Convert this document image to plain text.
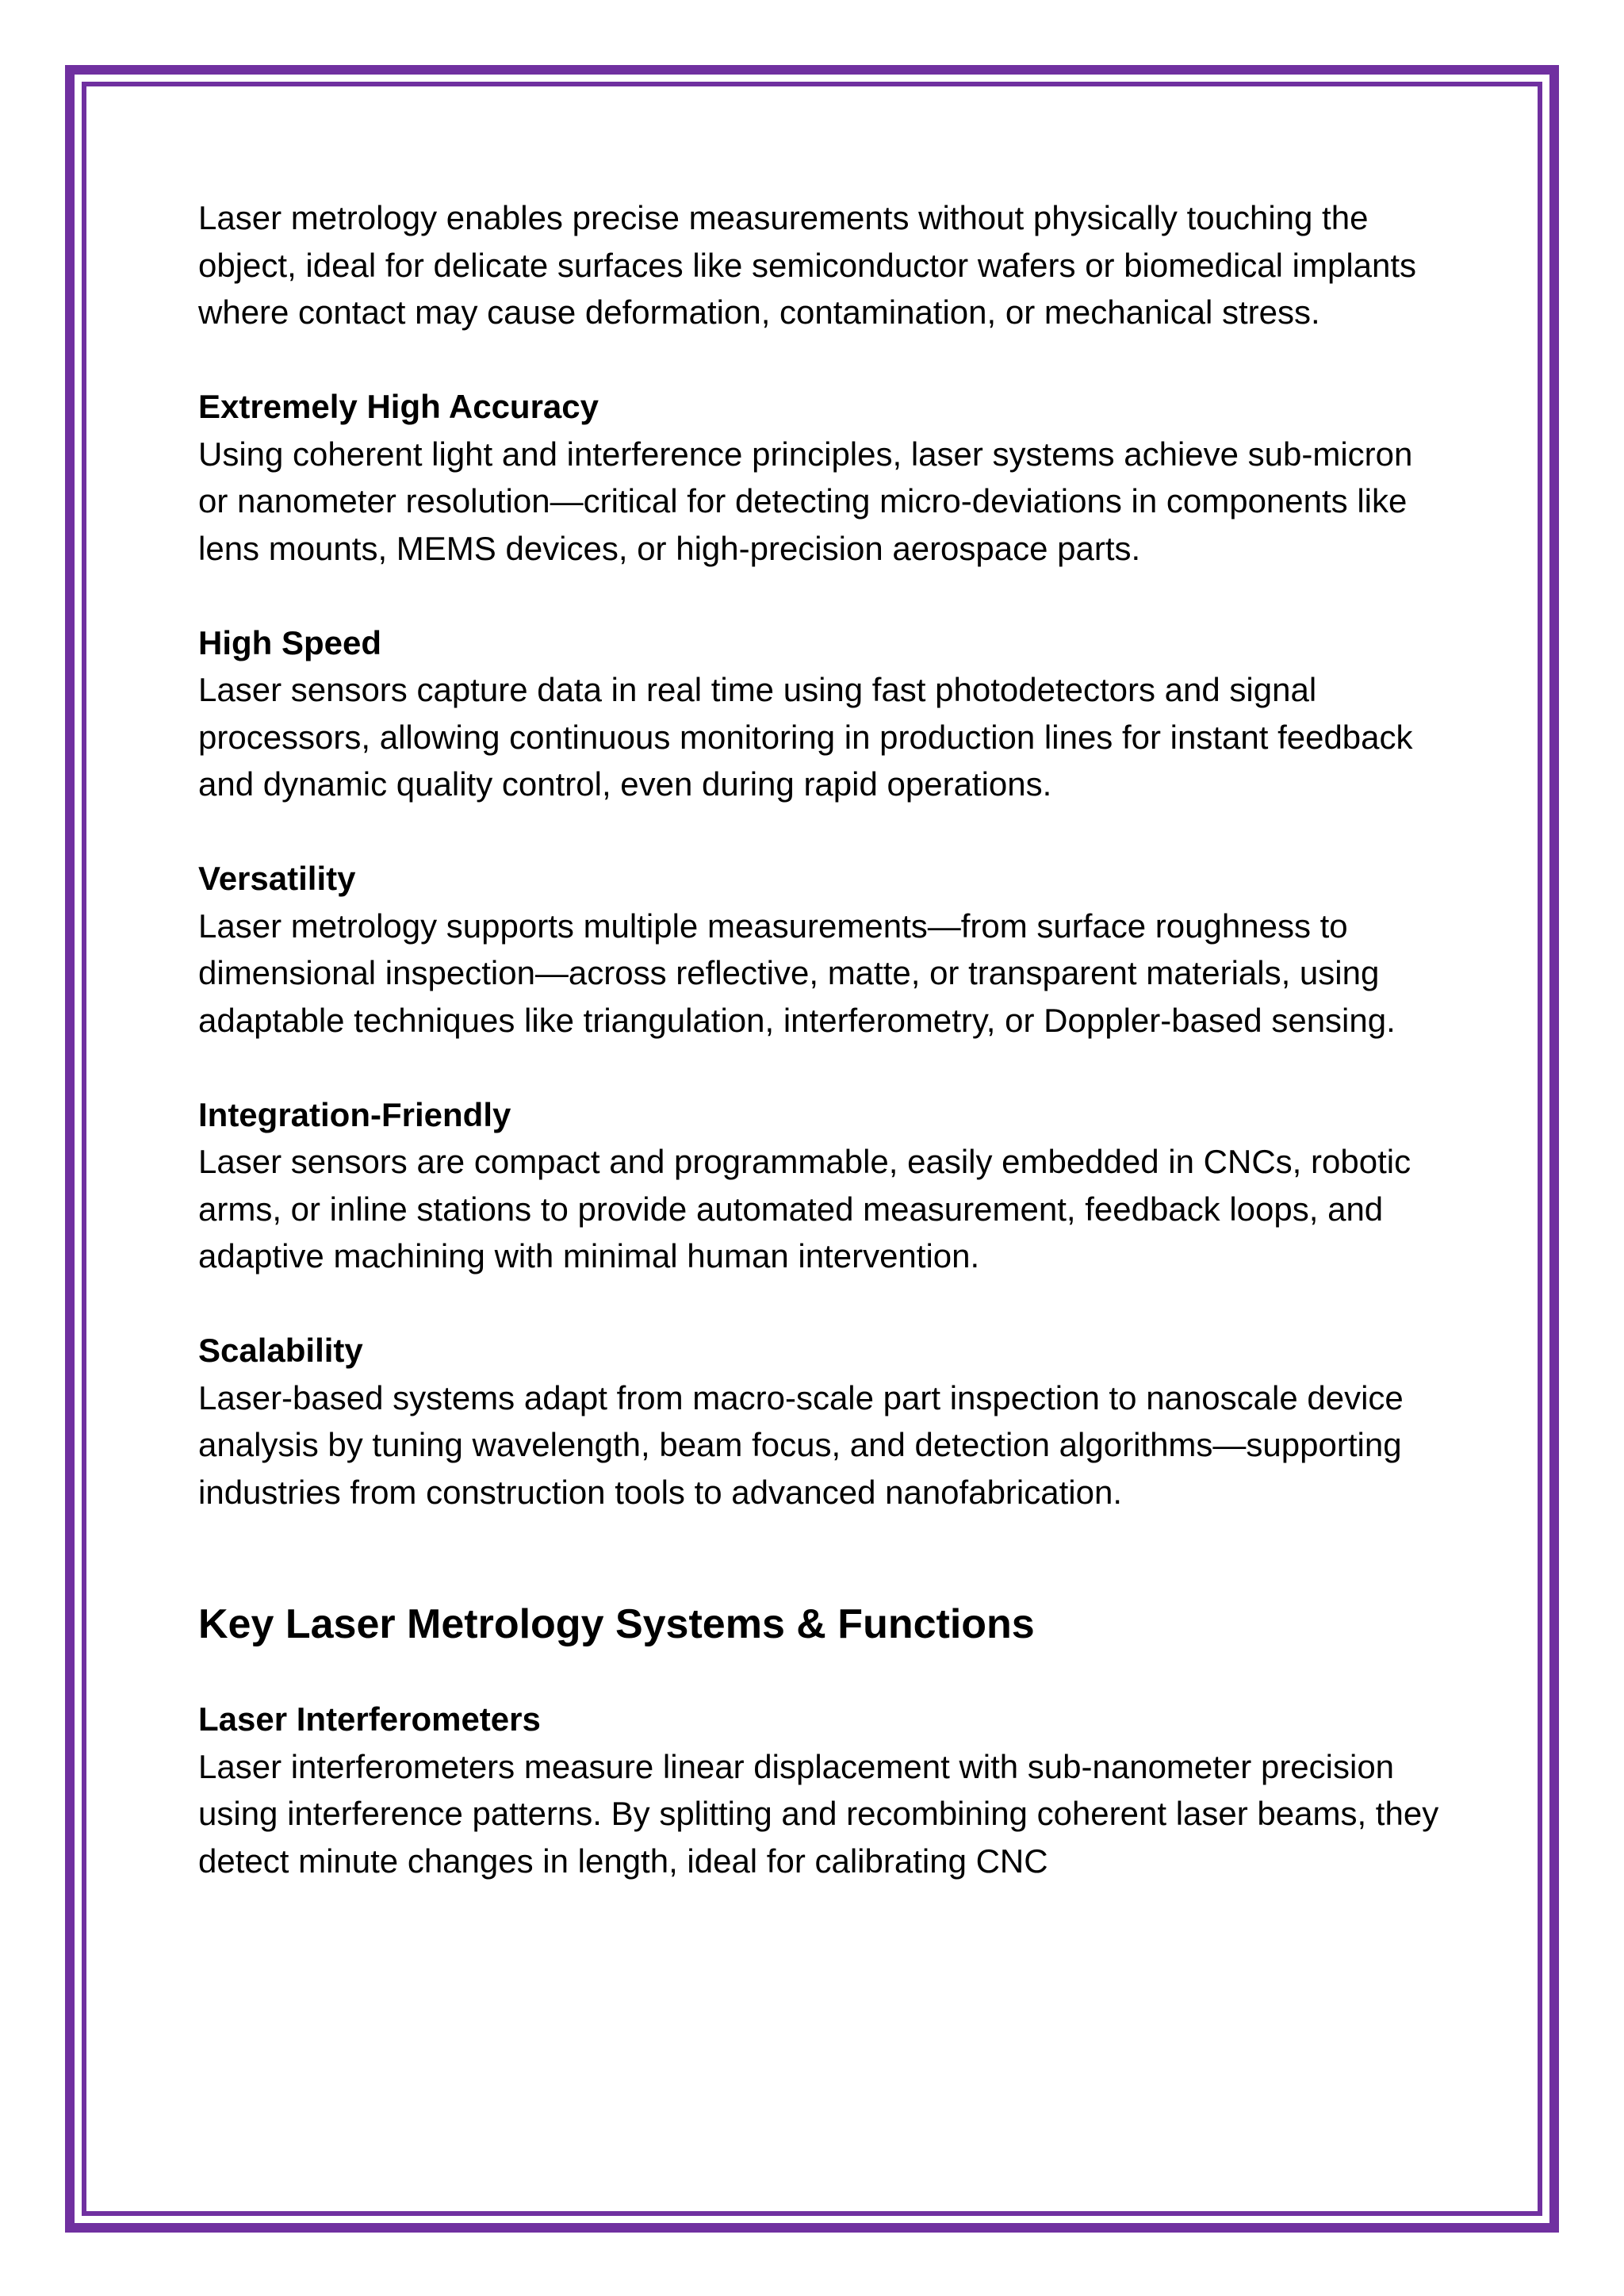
Laser metrology enables precise measurements without physically touching the object, ideal for delicate surfaces like semiconductor wafers or biomedical implants where contact may cause deformation, contamination, or mechanical stress.

Extremely High Accuracy

Using coherent light and interference principles, laser systems achieve sub-micron or nanometer resolution—critical for detecting micro-deviations in components like lens mounts, MEMS devices, or high-precision aerospace parts.

High Speed

Laser sensors capture data in real time using fast photodetectors and signal processors, allowing continuous monitoring in production lines for instant feedback and dynamic quality control, even during rapid operations.

Versatility

Laser metrology supports multiple measurements—from surface roughness to dimensional inspection—across reflective, matte, or transparent materials, using adaptable techniques like triangulation, interferometry, or Doppler-based sensing.

Integration-Friendly

Laser sensors are compact and programmable, easily embedded in CNCs, robotic arms, or inline stations to provide automated measurement, feedback loops, and adaptive machining with minimal human intervention.

Scalability

Laser-based systems adapt from macro-scale part inspection to nanoscale device analysis by tuning wavelength, beam focus, and detection algorithms—supporting industries from construction tools to advanced nanofabrication.

Key Laser Metrology Systems & Functions

Laser Interferometers

Laser interferometers measure linear displacement with sub-nanometer precision using interference patterns. By splitting and recombining coherent laser beams, they detect minute changes in length, ideal for calibrating CNC
